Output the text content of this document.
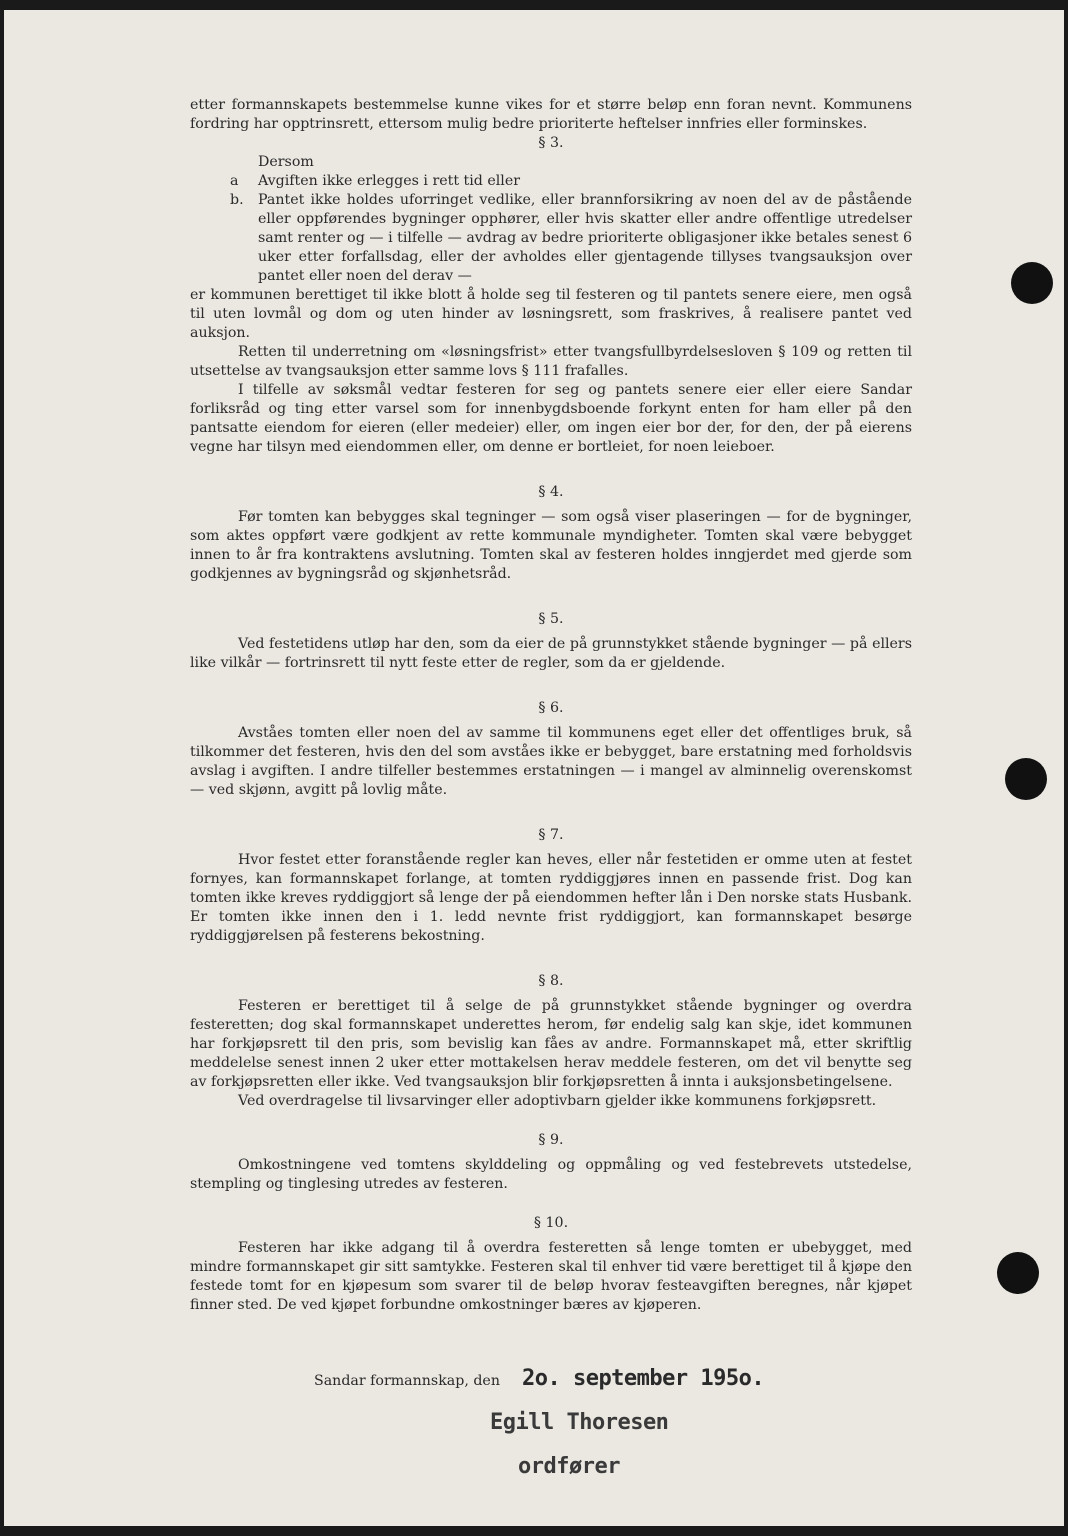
etter formannskapets bestemmelse kunne vikes for et større beløp enn foran nevnt. Kommunens fordring har opptrinsrett, ettersom mulig bedre prioriterte heftelser innfries eller forminskes.

§ 3.

Dersom

a	Avgiften ikke erlegges i rett tid eller
b.	Pantet ikke holdes uforringet vedlike, eller brannforsikring av noen del av de påstående eller oppførendes bygninger opphører, eller hvis skatter eller andre offentlige utredelser samt renter og — i tilfelle — avdrag av bedre prioriterte obligasjoner ikke betales senest 6 uker etter forfallsdag, eller der avholdes eller gjentagende tillyses tvangsauksjon over pantet eller noen del derav —

er kommunen berettiget til ikke blott å holde seg til festeren og til pantets senere eiere, men også til uten lovmål og dom og uten hinder av løsningsrett, som fraskrives, å realisere pantet ved auksjon.

Retten til underretning om «løsningsfrist» etter tvangsfullbyrdelsesloven § 109 og retten til utsettelse av tvangsauksjon etter samme lovs § 111 frafalles.

I tilfelle av søksmål vedtar festeren for seg og pantets senere eier eller eiere Sandar forliksråd og ting etter varsel som for innenbygdsboende forkynt enten for ham eller på den pantsatte eiendom for eieren (eller medeier) eller, om ingen eier bor der, for den, der på eierens vegne har tilsyn med eiendommen eller, om denne er bortleiet, for noen leieboer.

§ 4.

Før tomten kan bebygges skal tegninger — som også viser plaseringen — for de bygninger, som aktes oppført være godkjent av rette kommunale myndigheter. Tomten skal være bebygget innen to år fra kontraktens avslutning. Tomten skal av festeren holdes inngjerdet med gjerde som godkjennes av bygningsråd og skjønhetsråd.

§ 5.

Ved festetidens utløp har den, som da eier de på grunnstykket stående bygninger — på ellers like vilkår — fortrinsrett til nytt feste etter de regler, som da er gjeldende.

§ 6.

Avståes tomten eller noen del av samme til kommunens eget eller det offentliges bruk, så tilkommer det festeren, hvis den del som avståes ikke er bebygget, bare erstatning med forholdsvis avslag i avgiften. I andre tilfeller bestemmes erstatningen — i mangel av alminnelig overenskomst — ved skjønn, avgitt på lovlig måte.

§ 7.

Hvor festet etter foranstående regler kan heves, eller når festetiden er omme uten at festet fornyes, kan formannskapet forlange, at tomten ryddiggjøres innen en passende frist. Dog kan tomten ikke kreves ryddiggjort så lenge der på eiendommen hefter lån i Den norske stats Husbank. Er tomten ikke innen den i 1. ledd nevnte frist ryddiggjort, kan formannskapet besørge ryddiggjørelsen på festerens bekostning.

§ 8.

Festeren er berettiget til å selge de på grunnstykket stående bygninger og overdra festeretten; dog skal formannskapet underettes herom, før endelig salg kan skje, idet kommunen har forkjøpsrett til den pris, som bevislig kan fåes av andre. Formannskapet må, etter skriftlig meddelelse senest innen 2 uker etter mottakelsen herav meddele festeren, om det vil benytte seg av forkjøpsretten eller ikke. Ved tvangsauksjon blir forkjøpsretten å innta i auksjonsbetingelsene.

Ved overdragelse til livsarvinger eller adoptivbarn gjelder ikke kommunens forkjøpsrett.

§ 9.

Omkostningene ved tomtens skylddeling og oppmåling og ved festebrevets utstedelse, stempling og tinglesing utredes av festeren.

§ 10.

Festeren har ikke adgang til å overdra festeretten så lenge tomten er ubebygget, med mindre formannskapet gir sitt samtykke. Festeren skal til enhver tid være berettiget til å kjøpe den festede tomt for en kjøpesum som svarer til de beløp hvorav festeavgiften beregnes, når kjøpet finner sted. De ved kjøpet forbundne omkostninger bæres av kjøperen.

Sandar formannskap, den 2o. september 195o.
Egill Thoresen
ordfører
